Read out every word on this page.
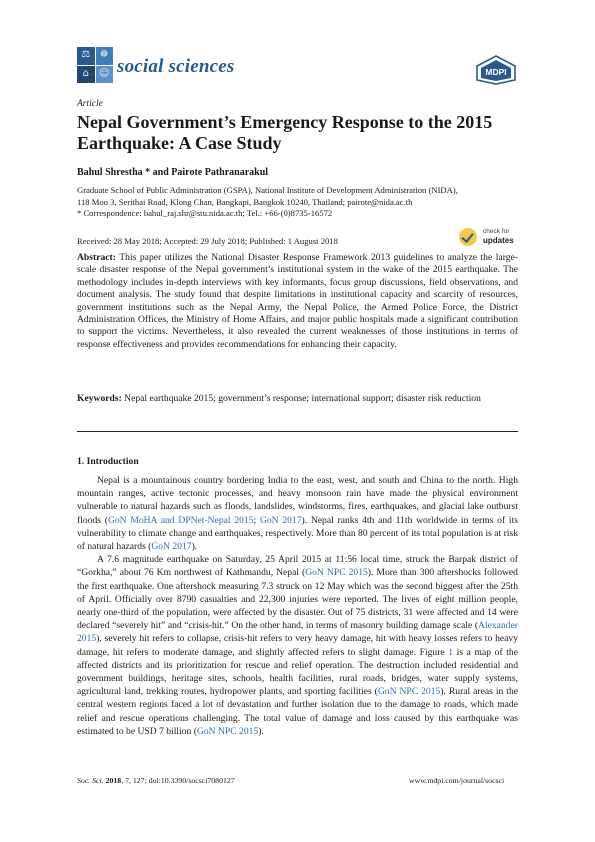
⚖ ☸
⌂	☺ social sciences	MDPI
Article
Nepal Government’s Emergency Response to the 2015 Earthquake: A Case Study
Bahul Shrestha * and Pairote Pathranarakul
Graduate School of Public Administration (GSPA), National Institute of Development Administration (NIDA),
118 Moo 3, Serithai Road, Klong Chan, Bangkapi, Bangkok 10240, Thailand; pairote@nida.ac.th
* Correspondence: bahul_raj.shr@stu.nida.ac.th; Tel.: +66-(0)8735-16572
Received: 28 May 2018; Accepted: 29 July 2018; Published: 1 August 2018
check for
updates

Abstract: This paper utilizes the National Disaster Response Framework 2013 guidelines to analyze the large-scale disaster response of the Nepal government’s institutional system in the wake of the 2015 earthquake. The methodology includes in-depth interviews with key informants, focus group discussions, field observations, and document analysis. The study found that despite limitations in institutional capacity and scarcity of resources, government institutions such as the Nepal Army, the Nepal Police, the Armed Police Force, the District Administration Offices, the Ministry of Home Affairs, and major public hospitals made a significant contribution to support the victims. Nevertheless, it also revealed the current weaknesses of those institutions in terms of response effectiveness and provides recommendations for enhancing their capacity.

Keywords: Nepal earthquake 2015; government’s response; international support; disaster risk reduction

1. Introduction

Nepal is a mountainous country bordering India to the east, west, and south and China to the north. High mountain ranges, active tectonic processes, and heavy monsoon rain have made the physical environment vulnerable to natural hazards such as floods, landslides, windstorms, fires, earthquakes, and glacial lake outburst floods (GoN MoHA and DPNet-Nepal 2015; GoN 2017). Nepal ranks 4th and 11th worldwide in terms of its vulnerability to climate change and earthquakes, respectively. More than 80 percent of its total population is at risk of natural hazards (GoN 2017).

A 7.6 magnitude earthquake on Saturday, 25 April 2015 at 11:56 local time, struck the Barpak district of “Gorkha,” about 76 Km northwest of Kathmandu, Nepal (GoN NPC 2015). More than 300 aftershocks followed the first earthquake. One aftershock measuring 7.3 struck on 12 May which was the second biggest after the 25th of April. Officially over 8790 casualties and 22,300 injuries were reported. The lives of eight million people, nearly one-third of the population, were affected by the disaster. Out of 75 districts, 31 were affected and 14 were declared “severely hit” and “crisis-hit.” On the other hand, in terms of masonry building damage scale (Alexander 2015), severely hit refers to collapse, crisis-hit refers to very heavy damage, hit with heavy losses refers to heavy damage, hit refers to moderate damage, and slightly affected refers to slight damage. Figure 1 is a map of the affected districts and its prioritization for rescue and relief operation. The destruction included residential and government buildings, heritage sites, schools, health facilities, rural roads, bridges, water supply systems, agricultural land, trekking routes, hydropower plants, and sporting facilities (GoN NPC 2015). Rural areas in the central western regions faced a lot of devastation and further isolation due to the damage to roads, which made relief and rescue operations challenging. The total value of damage and loss caused by this earthquake was estimated to be USD 7 billion (GoN NPC 2015).

Soc. Sci. 2018, 7, 127; doi:10.3390/socsci7080127	www.mdpi.com/journal/socsci
